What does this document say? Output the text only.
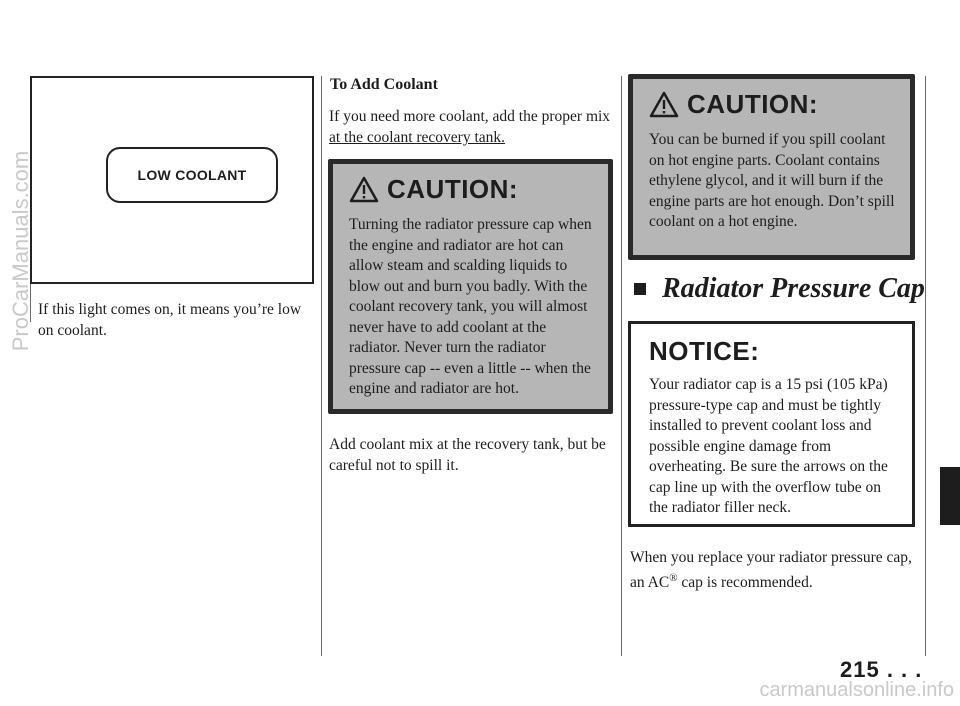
LOW COOLANT
If this light comes on, it means you’re low on coolant.
To Add Coolant
If you need more coolant, add the proper mix at the coolant recovery tank.
CAUTION:
Turning the radiator pressure cap when the engine and radiator are hot can allow steam and scalding liquids to blow out and burn you badly. With the coolant recovery tank, you will almost never have to add coolant at the radiator. Never turn the radiator pressure cap -- even a little -- when the engine and radiator are hot.
Add coolant mix at the recovery tank, but be careful not to spill it.
CAUTION:
You can be burned if you spill coolant on hot engine parts. Coolant contains ethylene glycol, and it will burn if the engine parts are hot enough. Don’t spill coolant on a hot engine.
Radiator Pressure Cap
NOTICE:
Your radiator cap is a 15 psi (105 kPa) pressure-type cap and must be tightly installed to prevent coolant loss and possible engine damage from overheating. Be sure the arrows on the cap line up with the overflow tube on the radiator filler neck.
When you replace your radiator pressure cap, an AC® cap is recommended.
215 . . .
ProCarManuals.com
carmanualsonline.info
